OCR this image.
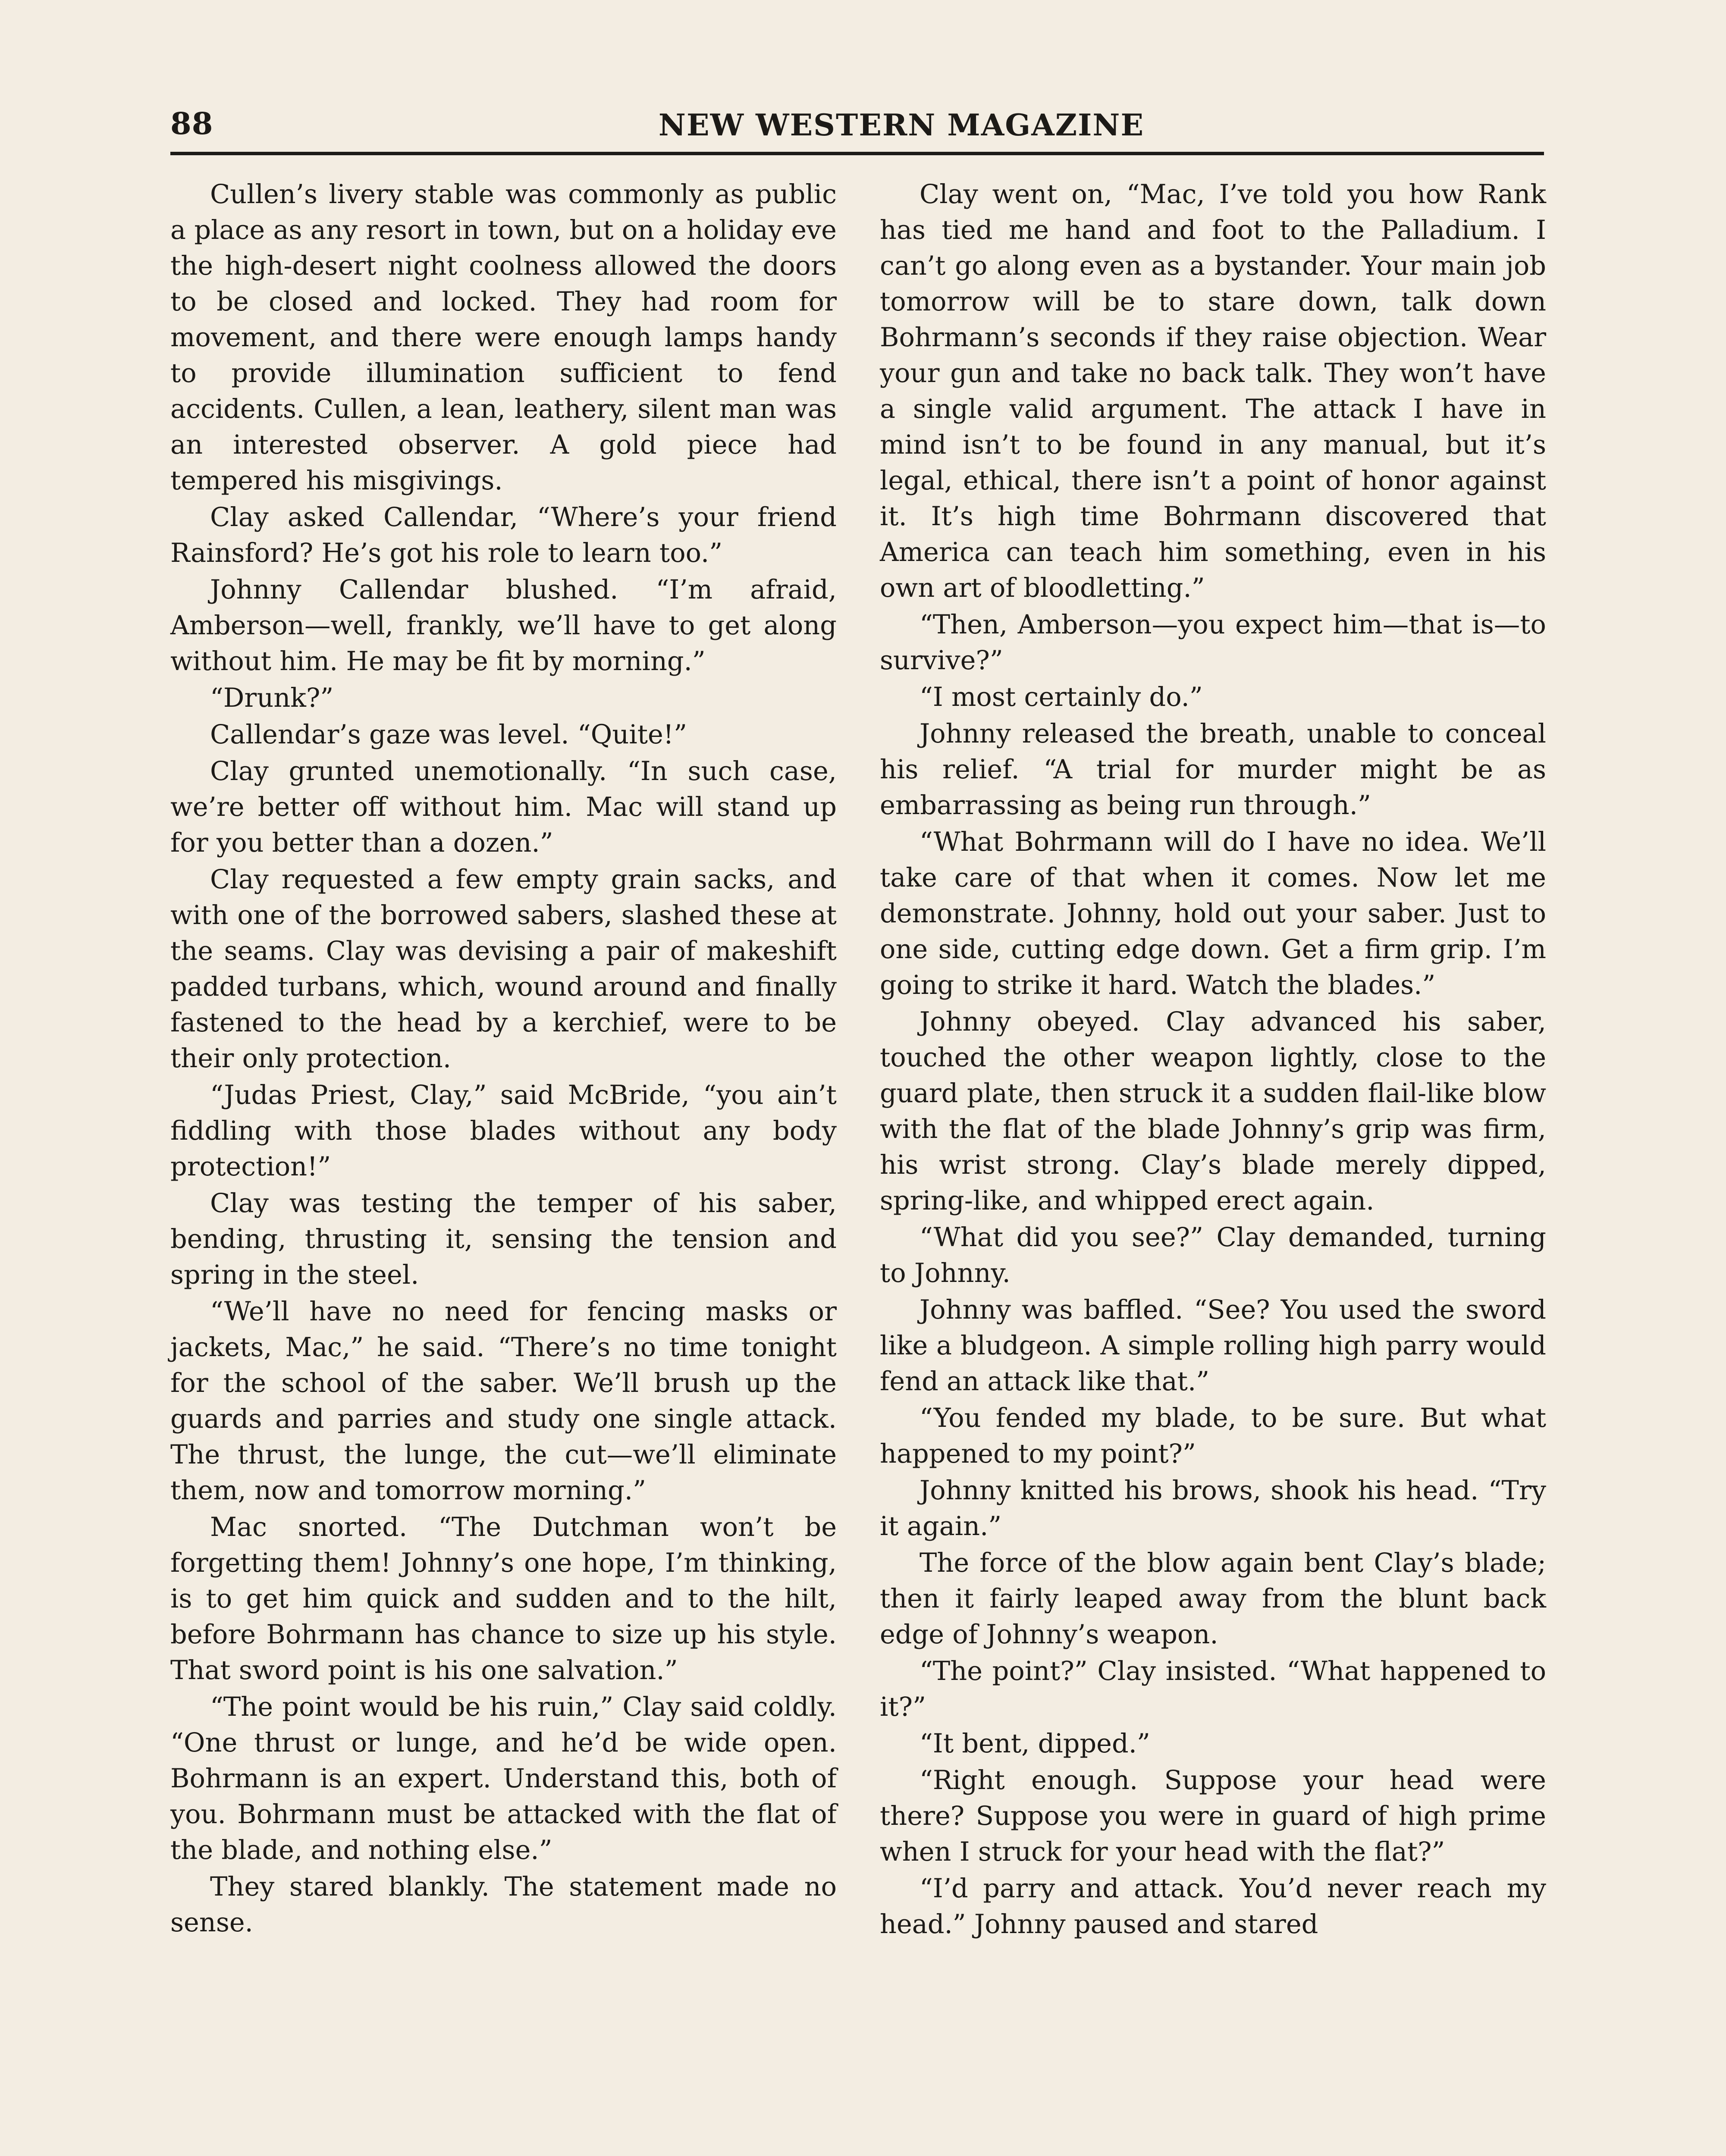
88	NEW WESTERN MAGAZINE

Cullen’s livery stable was commonly as public a place as any resort in town, but on a holiday eve the high-desert night coolness allowed the doors to be closed and locked. They had room for movement, and there were enough lamps handy to provide illumination sufficient to fend accidents. Cullen, a lean, leathery, silent man was an interested observer. A gold piece had tempered his misgivings.

Clay asked Callendar, “Where’s your friend Rainsford? He’s got his role to learn too.”

Johnny Callendar blushed. “I’m afraid, Amberson—well, frankly, we’ll have to get along without him. He may be fit by morning.”

“Drunk?”

Callendar’s gaze was level. “Quite!”

Clay grunted unemotionally. “In such case, we’re better off without him. Mac will stand up for you better than a dozen.”

Clay requested a few empty grain sacks, and with one of the borrowed sabers, slashed these at the seams. Clay was devising a pair of makeshift padded turbans, which, wound around and finally fastened to the head by a kerchief, were to be their only protection.

“Judas Priest, Clay,” said McBride, “you ain’t fiddling with those blades without any body protection!”

Clay was testing the temper of his saber, bending, thrusting it, sensing the tension and spring in the steel.

“We’ll have no need for fencing masks or jackets, Mac,” he said. “There’s no time tonight for the school of the saber. We’ll brush up the guards and parries and study one single attack. The thrust, the lunge, the cut—we’ll eliminate them, now and tomorrow morning.”

Mac snorted. “The Dutchman won’t be forgetting them! Johnny’s one hope, I’m thinking, is to get him quick and sudden and to the hilt, before Bohrmann has chance to size up his style. That sword point is his one salvation.”

“The point would be his ruin,” Clay said coldly. “One thrust or lunge, and he’d be wide open. Bohrmann is an expert. Understand this, both of you. Bohrmann must be attacked with the flat of the blade, and nothing else.”

They stared blankly. The statement made no sense.

Clay went on, “Mac, I’ve told you how Rank has tied me hand and foot to the Palladium. I can’t go along even as a bystander. Your main job tomorrow will be to stare down, talk down Bohrmann’s seconds if they raise objection. Wear your gun and take no back talk. They won’t have a single valid argument. The attack I have in mind isn’t to be found in any manual, but it’s legal, ethical, there isn’t a point of honor against it. It’s high time Bohrmann discovered that America can teach him something, even in his own art of bloodletting.”

“Then, Amberson—you expect him—that is—to survive?”

“I most certainly do.”

Johnny released the breath, unable to conceal his relief. “A trial for murder might be as embarrassing as being run through.”

“What Bohrmann will do I have no idea. We’ll take care of that when it comes. Now let me demonstrate. Johnny, hold out your saber. Just to one side, cutting edge down. Get a firm grip. I’m going to strike it hard. Watch the blades.”

Johnny obeyed. Clay advanced his saber, touched the other weapon lightly, close to the guard plate, then struck it a sudden flail-like blow with the flat of the blade Johnny’s grip was firm, his wrist strong. Clay’s blade merely dipped, spring-like, and whipped erect again.

“What did you see?” Clay demanded, turning to Johnny.

Johnny was baffled. “See? You used the sword like a bludgeon. A simple rolling high parry would fend an attack like that.”

“You fended my blade, to be sure. But what happened to my point?”

Johnny knitted his brows, shook his head. “Try it again.”

The force of the blow again bent Clay’s blade; then it fairly leaped away from the blunt back edge of Johnny’s weapon.

“The point?” Clay insisted. “What happened to it?”

“It bent, dipped.”

“Right enough. Suppose your head were there? Suppose you were in guard of high prime when I struck for your head with the flat?”

“I’d parry and attack. You’d never reach my head.” Johnny paused and stared
